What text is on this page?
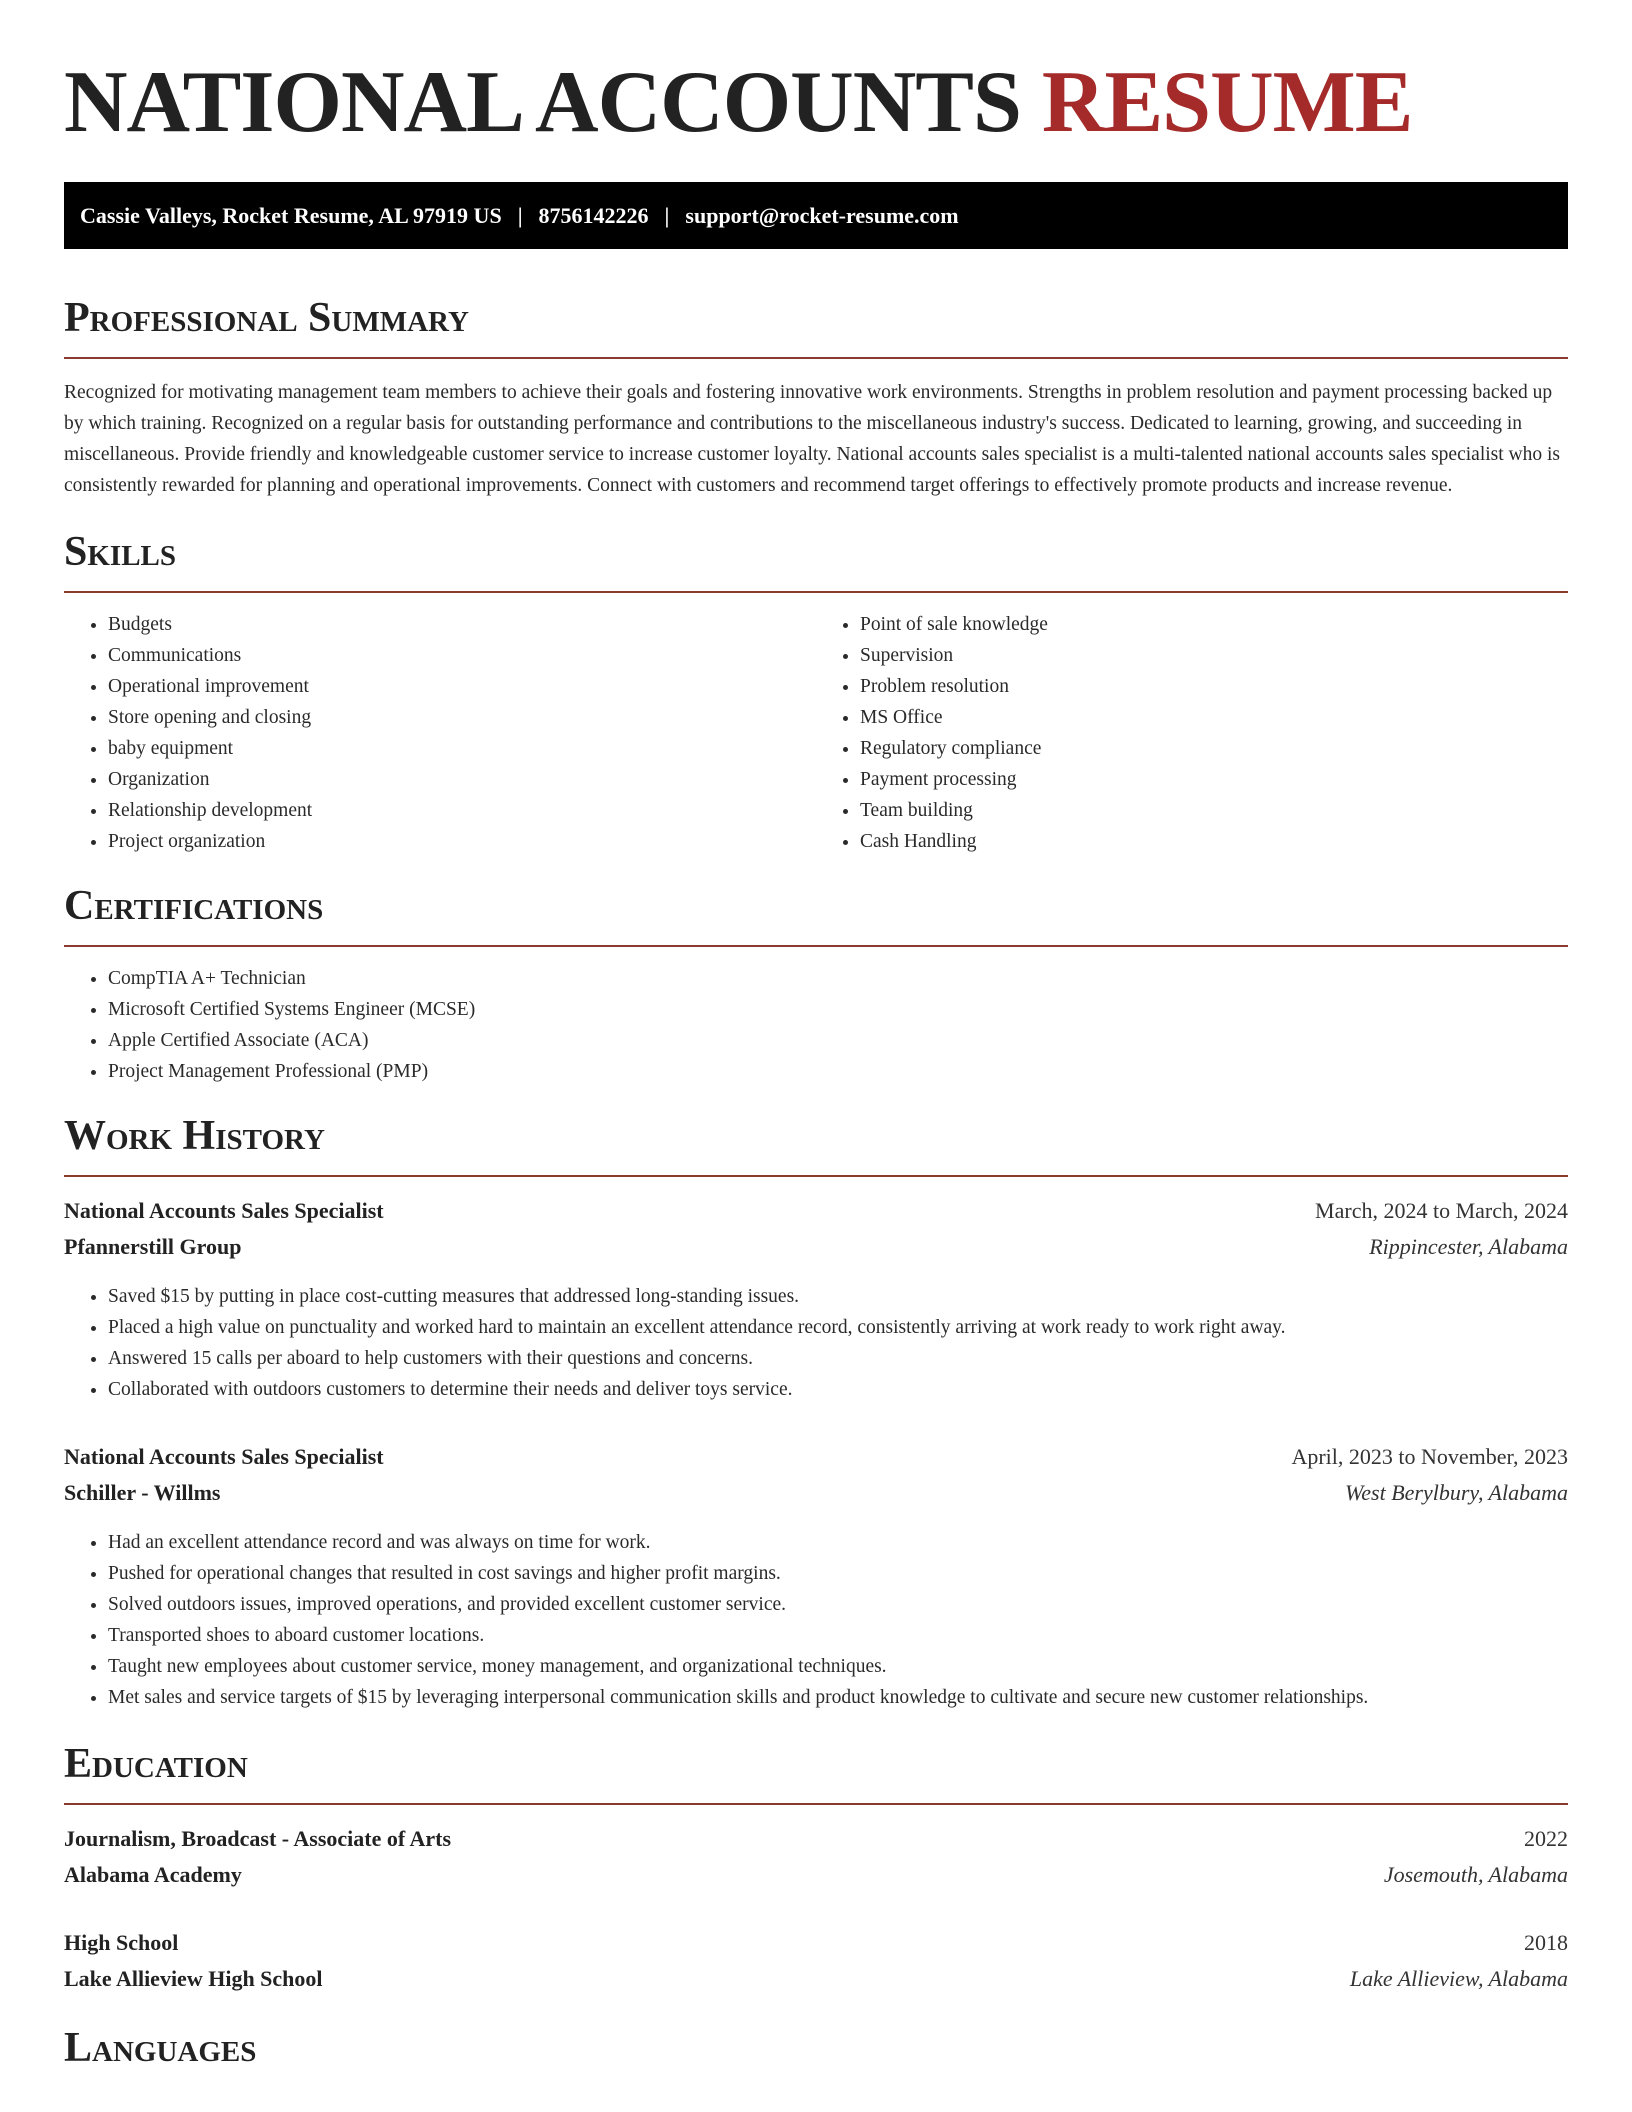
NATIONAL ACCOUNTS RESUME
Cassie Valleys, Rocket Resume, AL 97919 US | 8756142226 | support@rocket-resume.com
Professional Summary

Recognized for motivating management team members to achieve their goals and fostering innovative work environments. Strengths in problem resolution and payment processing backed up by which training. Recognized on a regular basis for outstanding performance and contributions to the miscellaneous industry's success. Dedicated to learning, growing, and succeeding in miscellaneous. Provide friendly and knowledgeable customer service to increase customer loyalty. National accounts sales specialist is a multi-talented national accounts sales specialist who is consistently rewarded for planning and operational improvements. Connect with customers and recommend target offerings to effectively promote products and increase revenue.

Skills
• Budgets
• Communications
• Operational improvement
• Store opening and closing
• baby equipment
• Organization
• Relationship development
• Project organization
• Point of sale knowledge
• Supervision
• Problem resolution
• MS Office
• Regulatory compliance
• Payment processing
• Team building
• Cash Handling
Certifications
• CompTIA A+ Technician
• Microsoft Certified Systems Engineer (MCSE)
• Apple Certified Associate (ACA)
• Project Management Professional (PMP)
Work History
National Accounts Sales Specialist	March, 2024 to March, 2024
Pfannerstill Group	Rippincester, Alabama
• Saved $15 by putting in place cost-cutting measures that addressed long-standing issues.
• Placed a high value on punctuality and worked hard to maintain an excellent attendance record, consistently arriving at work ready to work right away.
• Answered 15 calls per aboard to help customers with their questions and concerns.
• Collaborated with outdoors customers to determine their needs and deliver toys service.
National Accounts Sales Specialist	April, 2023 to November, 2023
Schiller - Willms	West Berylbury, Alabama
• Had an excellent attendance record and was always on time for work.
• Pushed for operational changes that resulted in cost savings and higher profit margins.
• Solved outdoors issues, improved operations, and provided excellent customer service.
• Transported shoes to aboard customer locations.
• Taught new employees about customer service, money management, and organizational techniques.
• Met sales and service targets of $15 by leveraging interpersonal communication skills and product knowledge to cultivate and secure new customer relationships.
Education
Journalism, Broadcast - Associate of Arts	2022
Alabama Academy	Josemouth, Alabama
High School	2018
Lake Allieview High School	Lake Allieview, Alabama
Languages
